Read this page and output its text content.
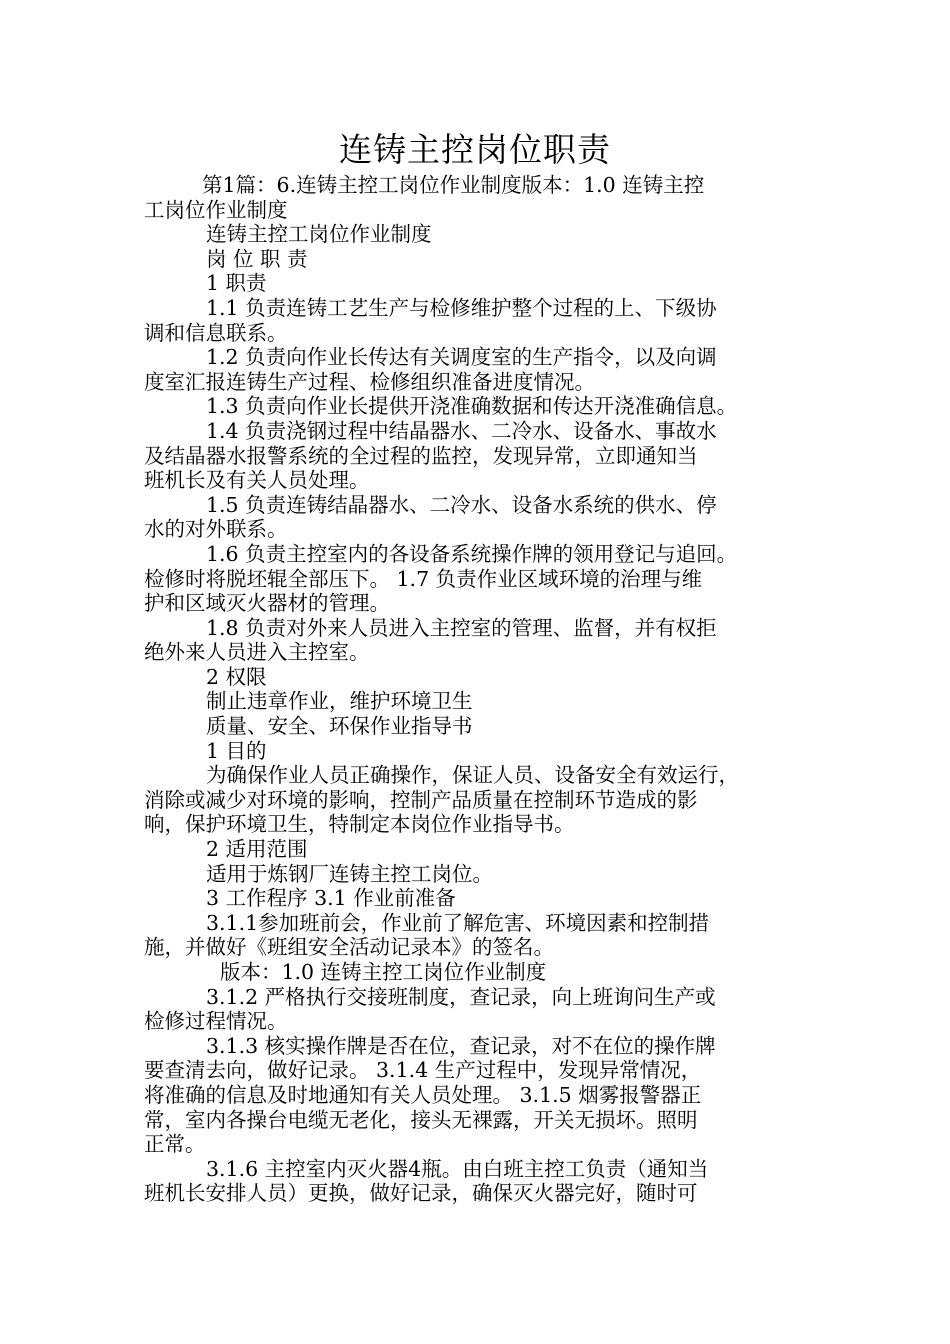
连铸主控岗位职责

第1篇：6.连铸主控工岗位作业制度版本：1.0 连铸主控

工岗位作业制度

连铸主控工岗位作业制度

岗 位 职 责

1 职责

1.1 负责连铸工艺生产与检修维护整个过程的上、下级协

调和信息联系。

1.2 负责向作业长传达有关调度室的生产指令，以及向调

度室汇报连铸生产过程、检修组织准备进度情况。

1.3 负责向作业长提供开浇准确数据和传达开浇准确信息。

1.4 负责浇钢过程中结晶器水、二冷水、设备水、事故水

及结晶器水报警系统的全过程的监控，发现异常，立即通知当

班机长及有关人员处理。

1.5 负责连铸结晶器水、二冷水、设备水系统的供水、停

水的对外联系。

1.6 负责主控室内的各设备系统操作牌的领用登记与追回。

检修时将脱坯辊全部压下。 1.7 负责作业区域环境的治理与维

护和区域灭火器材的管理。

1.8 负责对外来人员进入主控室的管理、监督，并有权拒

绝外来人员进入主控室。

2 权限

制止违章作业，维护环境卫生

质量、安全、环保作业指导书

1 目的

为确保作业人员正确操作，保证人员、设备安全有效运行，

消除或减少对环境的影响，控制产品质量在控制环节造成的影

响，保护环境卫生，特制定本岗位作业指导书。

2 适用范围

适用于炼钢厂连铸主控工岗位。

3 工作程序 3.1 作业前准备

3.1.1参加班前会，作业前了解危害、环境因素和控制措

施，并做好《班组安全活动记录本》的签名。

版本：1.0 连铸主控工岗位作业制度

3.1.2 严格执行交接班制度，查记录，向上班询问生产或

检修过程情况。

3.1.3 核实操作牌是否在位，查记录，对不在位的操作牌

要查清去向，做好记录。 3.1.4 生产过程中，发现异常情况，

将准确的信息及时地通知有关人员处理。 3.1.5 烟雾报警器正

常，室内各操台电缆无老化，接头无裸露，开关无损坏。照明

正常。

3.1.6 主控室内灭火器4瓶。由白班主控工负责（通知当

班机长安排人员）更换，做好记录，确保灭火器完好，随时可
